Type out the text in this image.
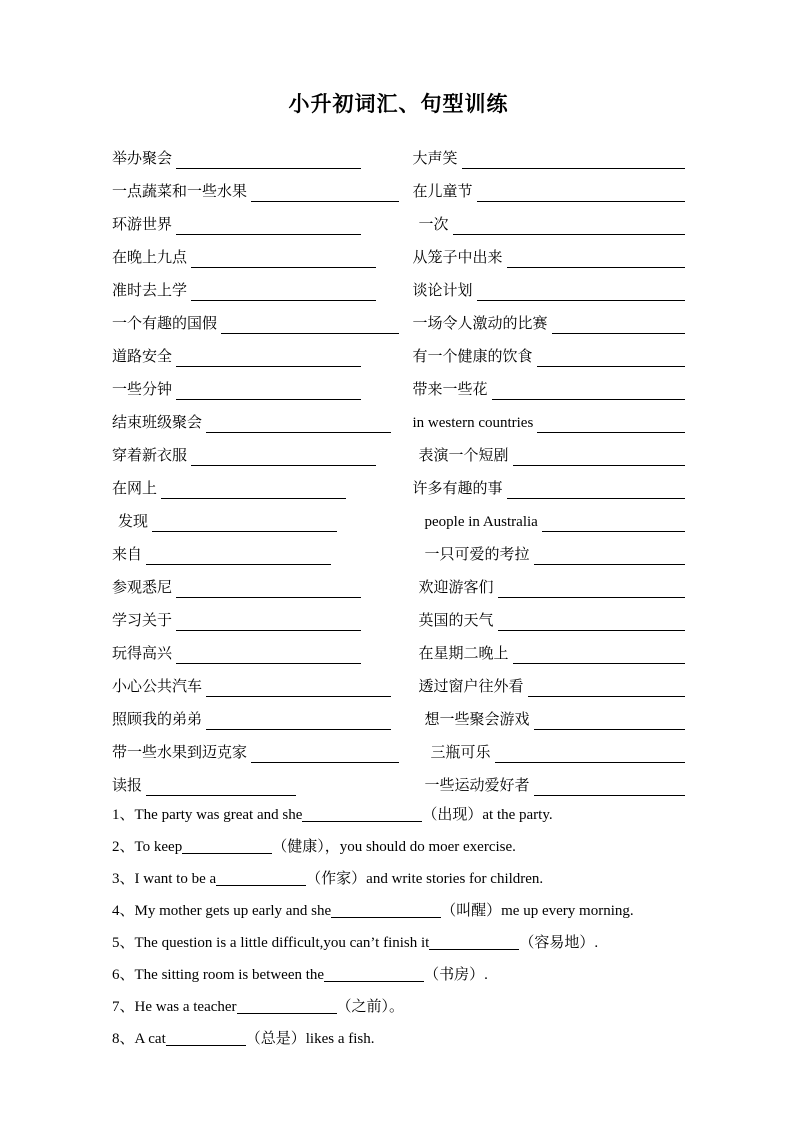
小升初词汇、句型训练
举办聚会	大声笑

一点蔬菜和一些水果	在儿童节

环游世界	一次

在晚上九点	从笼子中出来

准时去上学	谈论计划

一个有趣的国假	一场令人激动的比赛

道路安全	有一个健康的饮食

一些分钟	带来一些花

结束班级聚会	in western countries

穿着新衣服	表演一个短剧

在网上	许多有趣的事

发现	people in Australia

来自	一只可爱的考拉

参观悉尼	欢迎游客们

学习关于	英国的天气

玩得高兴	在星期二晚上

小心公共汽车	透过窗户往外看

照顾我的弟弟	想一些聚会游戏

带一些水果到迈克家	三瓶可乐

读报	一些运动爱好者
1、The party was great and she	（出现）at the party.
2、To keep	（健康），you should do moer exercise.
3、I want to be a	（作家）and write stories for children.
4、My mother gets up early and she	（叫醒）me up every morning.
5、The question is a little difficult,you can’t finish it	（容易地）.
6、The sitting room is between the	（书房）.
7、He was a teacher	（之前）。
8、A cat	（总是）likes a fish.
